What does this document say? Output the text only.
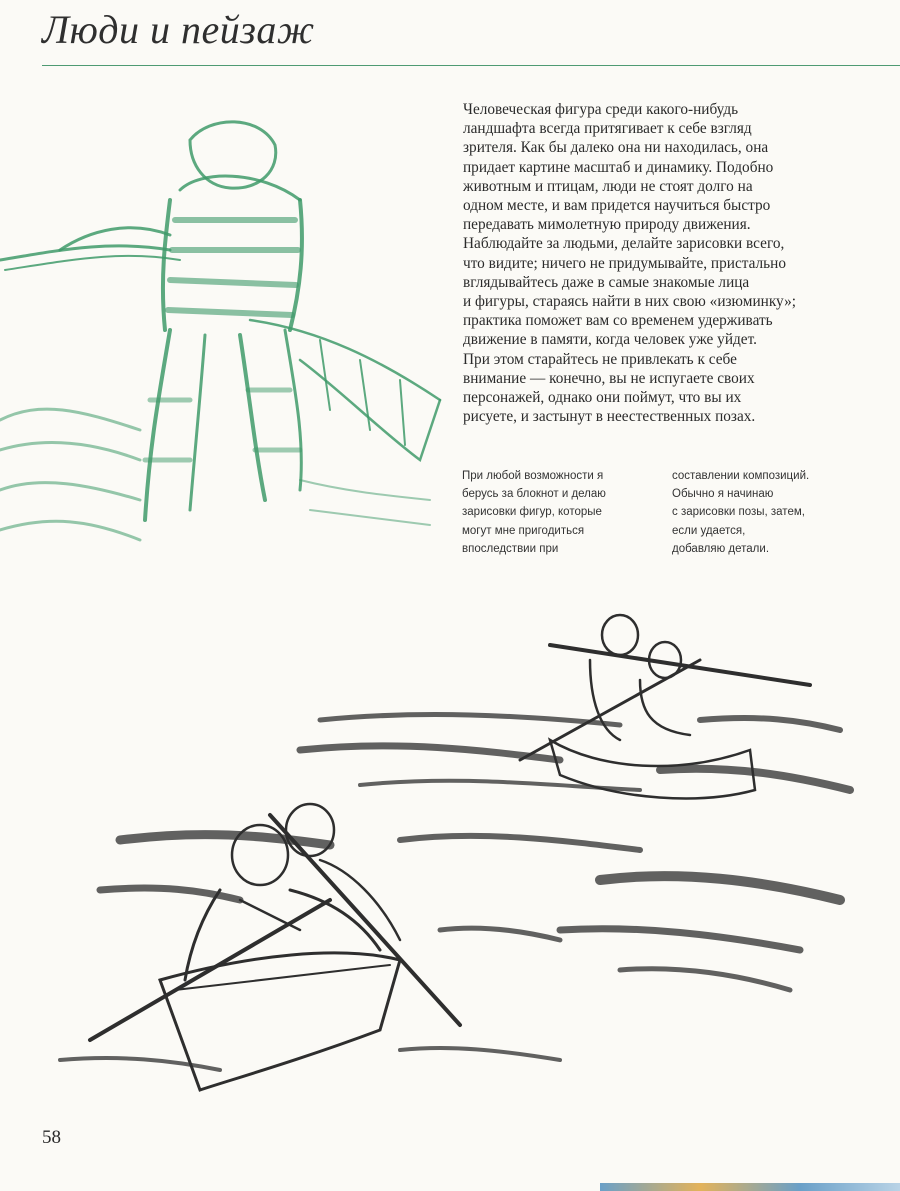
Люди и пейзаж

Человеческая фигура среди какого-нибудь
ландшафта всегда притягивает к себе взгляд
зрителя. Как бы далеко она ни находилась, она
придает картине масштаб и динамику. Подобно
животным и птицам, люди не стоят долго на
одном месте, и вам придется научиться быстро
передавать мимолетную природу движения.
Наблюдайте за людьми, делайте зарисовки всего,
что видите; ничего не придумывайте, пристально
вглядывайтесь даже в самые знакомые лица
и фигуры, стараясь найти в них свою «изюминку»;
практика поможет вам со временем удерживать
движение в памяти, когда человек уже уйдет.
При этом старайтесь не привлекать к себе
внимание — конечно, вы не испугаете своих
персонажей, однако они поймут, что вы их
рисуете, и застынут в неестественных позах.

При любой возможности я
берусь за блокнот и делаю
зарисовки фигур, которые
могут мне пригодиться
впоследствии при

составлении композиций.
Обычно я начинаю
с зарисовки позы, затем,
если удается,
добавляю детали.

58
